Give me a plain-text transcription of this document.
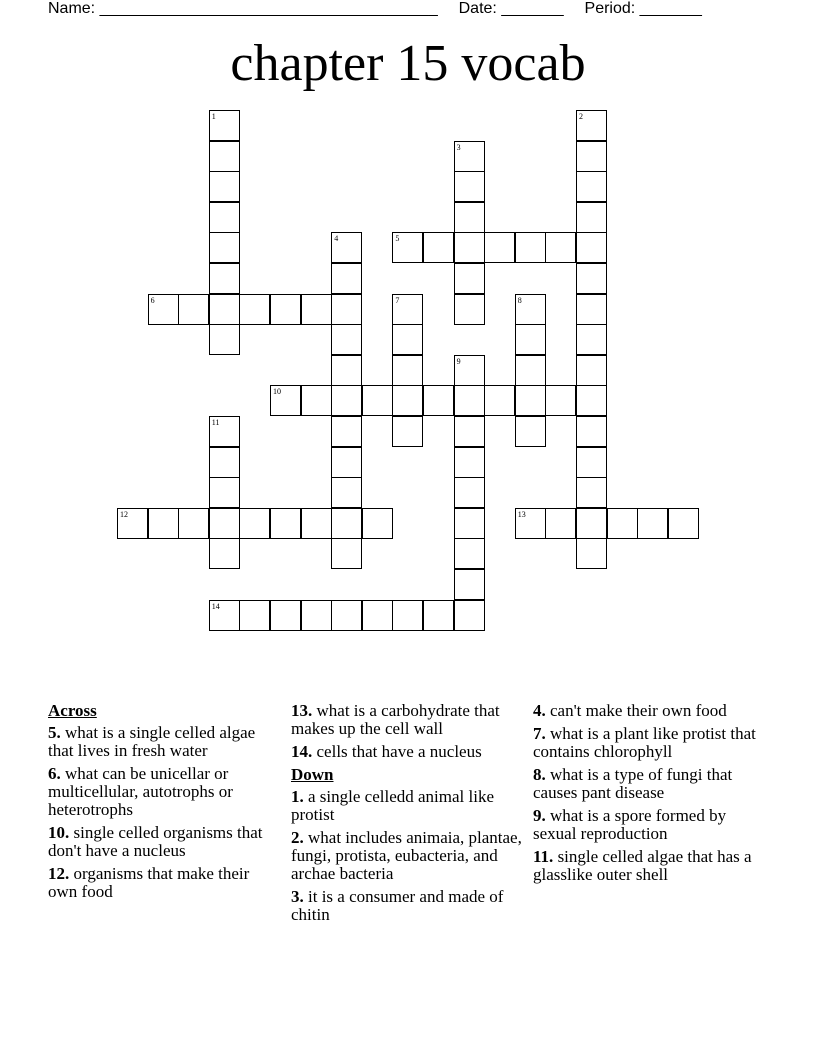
Name: ______________________________________ Date: _______ Period: _______
chapter 15 vocab
1	2
3
4	5
6	7	8
9
10
11
12	13
14
Across
5. what is a single celled algae that lives in fresh water
6. what can be unicellar or multicellular, autotrophs or heterotrophs
10. single celled organisms that don't have a nucleus
12. organisms that make their own food
13. what is a carbohydrate that makes up the cell wall
14. cells that have a nucleus
Down
1. a single celledd animal like protist
2. what includes animaia, plantae, fungi, protista, eubacteria, and archae bacteria
3. it is a consumer and made of chitin
4. can't make their own food
7. what is a plant like protist that contains chlorophyll
8. what is a type of fungi that causes pant disease
9. what is a spore formed by sexual reproduction
11. single celled algae that has a glasslike outer shell
